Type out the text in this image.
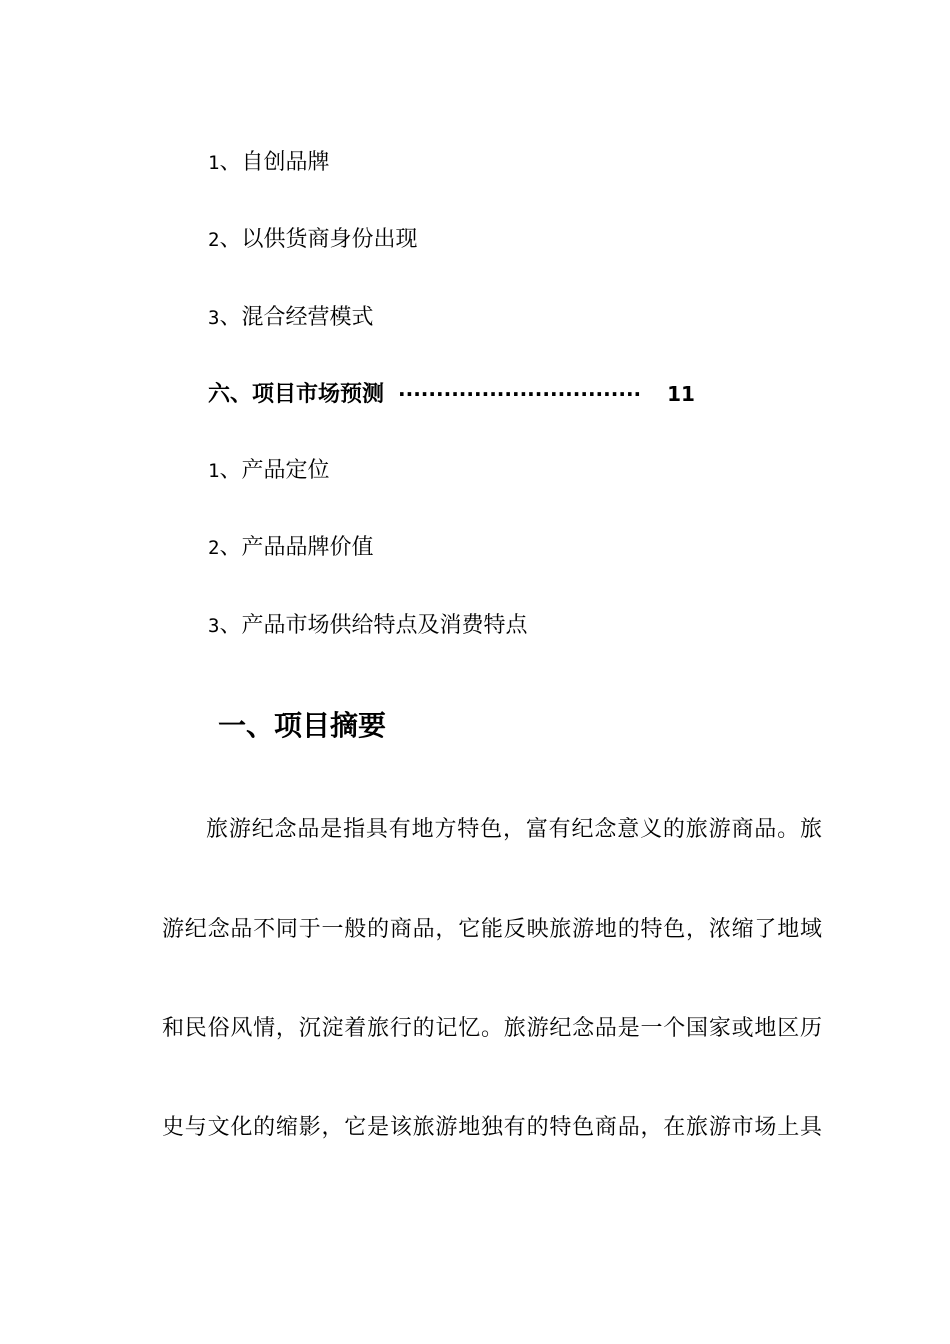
1、自创品牌
2、以供货商身份出现
3、混合经营模式
六、项目市场预测 ································ 11
1、产品定位
2、产品品牌价值
3、产品市场供给特点及消费特点
一、项目摘要
旅游纪念品是指具有地方特色，富有纪念意义的旅游商品。旅
游纪念品不同于一般的商品，它能反映旅游地的特色，浓缩了地域
和民俗风情，沉淀着旅行的记忆。旅游纪念品是一个国家或地区历
史与文化的缩影，它是该旅游地独有的特色商品，在旅游市场上具
